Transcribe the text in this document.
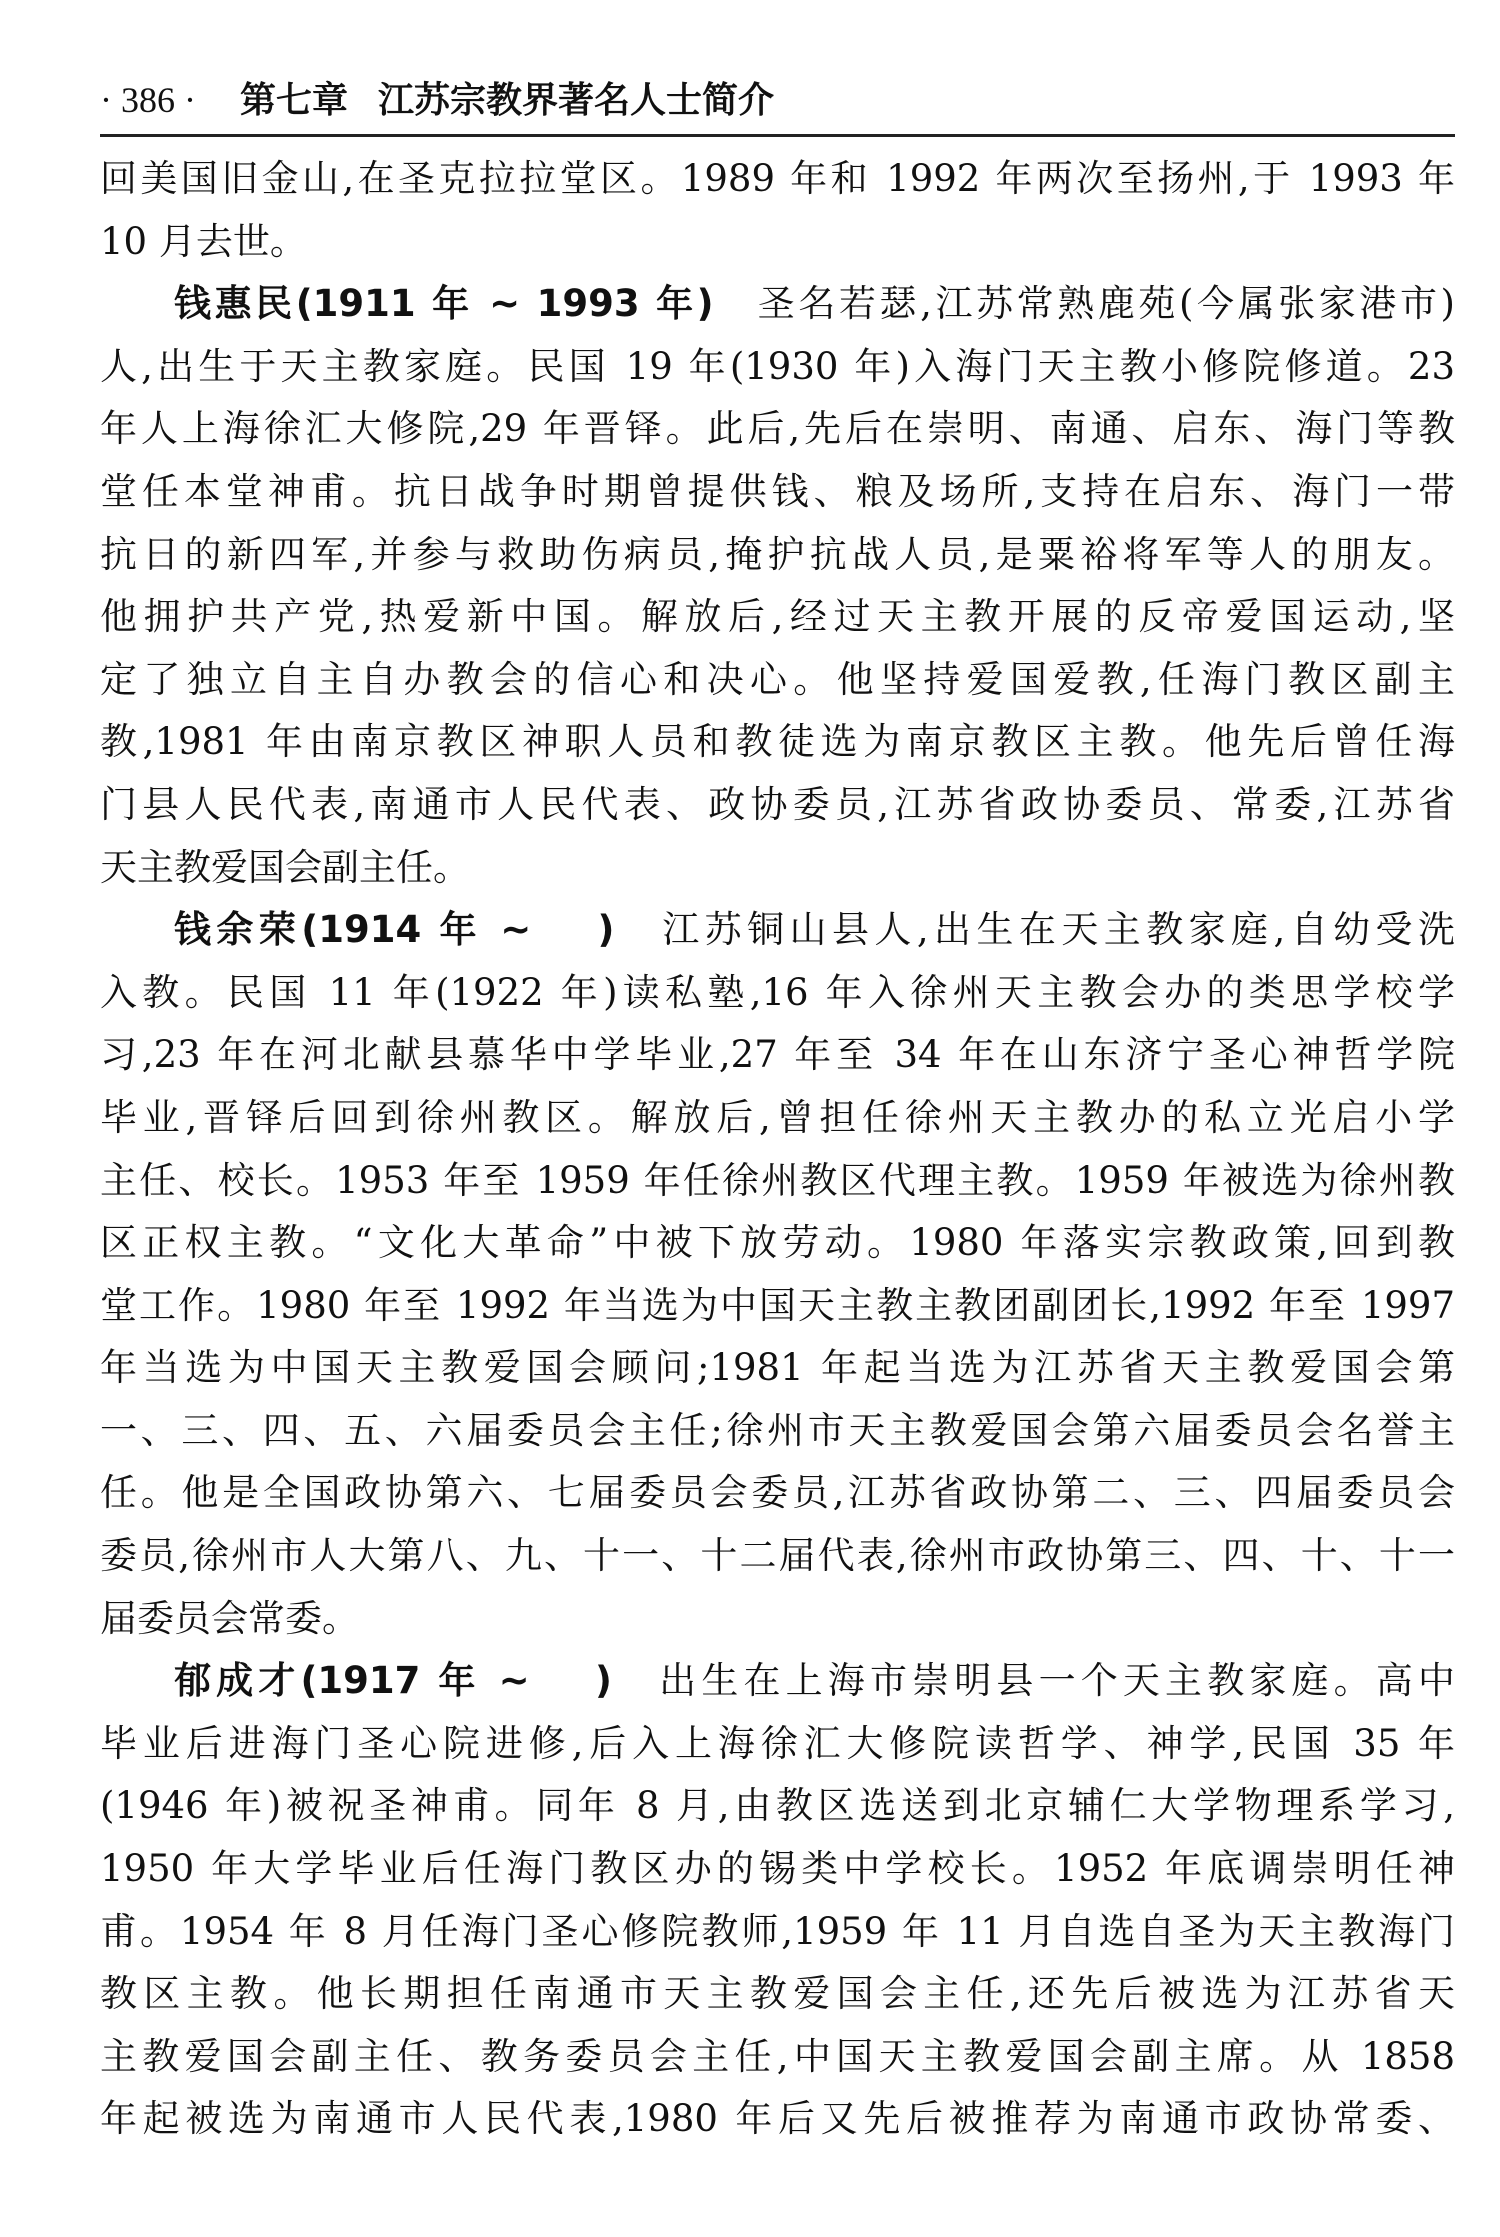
· 386 · 第七章 江苏宗教界著名人士简介
回美国旧金山,在圣克拉拉堂区。1989 年和 1992 年两次至扬州,于 1993 年
10 月去世。
钱惠民(1911 年 ~ 1993 年)　圣名若瑟,江苏常熟鹿苑(今属张家港市)
人,出生于天主教家庭。民国 19 年(1930 年)入海门天主教小修院修道。23
年人上海徐汇大修院,29 年晋铎。此后,先后在崇明、南通、启东、海门等教
堂任本堂神甫。抗日战争时期曾提供钱、粮及场所,支持在启东、海门一带
抗日的新四军,并参与救助伤病员,掩护抗战人员,是粟裕将军等人的朋友。
他拥护共产党,热爱新中国。解放后,经过天主教开展的反帝爱国运动,坚
定了独立自主自办教会的信心和决心。他坚持爱国爱教,任海门教区副主
教,1981 年由南京教区神职人员和教徒选为南京教区主教。他先后曾任海
门县人民代表,南通市人民代表、政协委员,江苏省政协委员、常委,江苏省
天主教爱国会副主任。
钱余荣(1914 年 ~　 )　江苏铜山县人,出生在天主教家庭,自幼受洗
入教。民国 11 年(1922 年)读私塾,16 年入徐州天主教会办的类思学校学
习,23 年在河北献县慕华中学毕业,27 年至 34 年在山东济宁圣心神哲学院
毕业,晋铎后回到徐州教区。解放后,曾担任徐州天主教办的私立光启小学
主任、校长。1953 年至 1959 年任徐州教区代理主教。1959 年被选为徐州教
区正权主教。“文化大革命”中被下放劳动。1980 年落实宗教政策,回到教
堂工作。1980 年至 1992 年当选为中国天主教主教团副团长,1992 年至 1997
年当选为中国天主教爱国会顾问;1981 年起当选为江苏省天主教爱国会第
一、三、四、五、六届委员会主任;徐州市天主教爱国会第六届委员会名誉主
任。他是全国政协第六、七届委员会委员,江苏省政协第二、三、四届委员会
委员,徐州市人大第八、九、十一、十二届代表,徐州市政协第三、四、十、十一
届委员会常委。
郁成才(1917 年 ~　 )　出生在上海市崇明县一个天主教家庭。高中
毕业后进海门圣心院进修,后入上海徐汇大修院读哲学、神学,民国 35 年
(1946 年)被祝圣神甫。同年 8 月,由教区选送到北京辅仁大学物理系学习,
1950 年大学毕业后任海门教区办的锡类中学校长。1952 年底调崇明任神
甫。1954 年 8 月任海门圣心修院教师,1959 年 11 月自选自圣为天主教海门
教区主教。他长期担任南通市天主教爱国会主任,还先后被选为江苏省天
主教爱国会副主任、教务委员会主任,中国天主教爱国会副主席。从 1858
年起被选为南通市人民代表,1980 年后又先后被推荐为南通市政协常委、
